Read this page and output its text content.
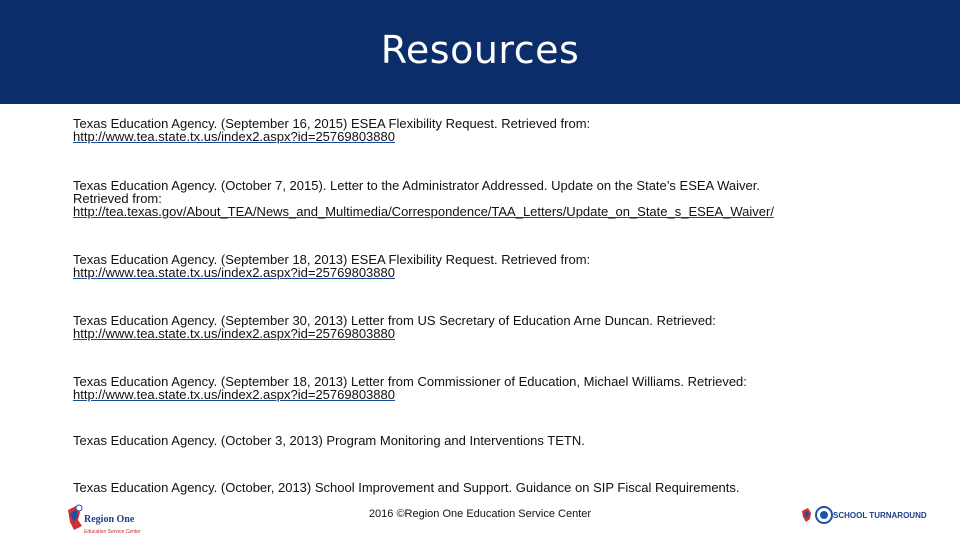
Resources
Texas Education Agency. (September 16, 2015) ESEA Flexibility Request. Retrieved from:
http://www.tea.state.tx.us/index2.aspx?id=25769803880
Texas Education Agency. (October 7, 2015). Letter to the Administrator Addressed. Update on the State’s ESEA Waiver.
Retrieved from:
http://tea.texas.gov/About_TEA/News_and_Multimedia/Correspondence/TAA_Letters/Update_on_State_s_ESEA_Waiver/
Texas Education Agency. (September 18, 2013) ESEA Flexibility Request. Retrieved from:
http://www.tea.state.tx.us/index2.aspx?id=25769803880
Texas Education Agency. (September 30, 2013) Letter from US Secretary of Education Arne Duncan. Retrieved:
http://www.tea.state.tx.us/index2.aspx?id=25769803880
Texas Education Agency. (September 18, 2013) Letter from Commissioner of Education, Michael Williams. Retrieved:
http://www.tea.state.tx.us/index2.aspx?id=25769803880
Texas Education Agency. (October 3, 2013) Program Monitoring and Interventions TETN.
Texas Education Agency. (October, 2013) School Improvement and Support. Guidance on SIP Fiscal Requirements.
Region One
Education Service Center
2016 ©Region One Education Service Center	SCHOOL TURNAROUND
